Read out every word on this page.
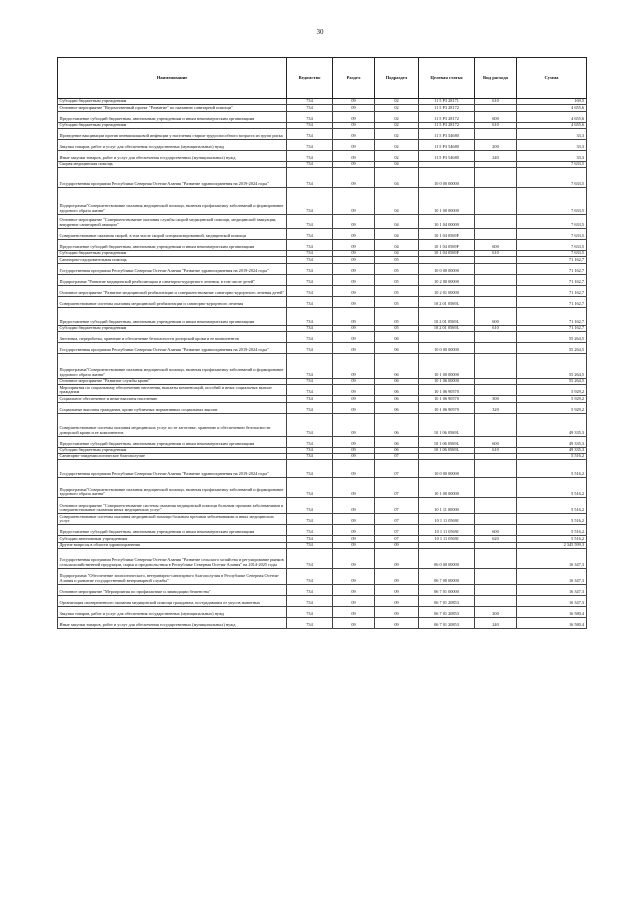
30
Наименование	Ведомство	Раздел	Подраздел	Целевая статья	Вид расхода	Сумма
Субсидии бюджетным учреждениям	734	09	02	11 5 P3 28171	610	169,5
Основное мероприятие "Ведомственный проект "Развитие" по оказанию санитарной помощи"	734	09	02	11 5 P3 28172		4 655,6
Предоставление субсидий бюджетным, автономным учреждениям и иным некоммерческим организациям	734	09	02	11 5 P3 28172	600	4 655,6
Субсидии бюджетным учреждениям	734	09	02	11 5 P3 28172	610	4 655,6
Проведение вакцинации против пневмококковой инфекции у населения старше трудоспособного возраста из групп риска	734	09	02	11 5 P3 54680		33,3
Закупка товаров, работ и услуг для обеспечения государственных (муниципальных) нужд	734	09	02	11 5 P3 54680	200	33,3
Иные закупки товаров, работ и услуг для обеспечения государственных (муниципальных) нужд	734	09	02	11 5 P3 54680	240	33,3
Скорая медицинская помощь	734	09	04			7 633,5
Государственная программа Республики Северная Осетия-Алания "Развитие здравоохранения на 2019-2024 годы"	734	09	04	10 0 00 00000		7 633,5
Подпрограмма"Совершенствование оказания медицинской помощи, включая профилактику заболеваний и формирование здорового образа жизни"	734	09	04	10 1 00 00000		7 633,5
Основное мероприятие "Совершенствование оказания службы скорой медицинской помощи, медицинской эвакуации, внедрение санитарной авиации"	734	09	04	10 1 04 00000		7 633,5
Совершенствование оказания скорой, в том числе скорой специализированной, медицинской помощи	734	09	04	10 1 04 0569F		7 633,5
Предоставление субсидий бюджетным, автономным учреждениям и иным некоммерческим организациям	734	09	04	10 1 04 0569F	600	7 633,5
Субсидии бюджетным учреждениям	734	09	04	10 1 04 0569F	610	7 633,5
Санаторно-оздоровительная помощь	734	09	05			71 162,7
Государственная программа Республики Северная Осетия-Алания "Развитие здравоохранения на 2019-2024 годы"	734	09	05	10 0 00 00000		71 162,7
Подпрограмма "Развитие медицинской реабилитации и санаторно-курортного лечения, в том числе детей"	734	09	05	10 2 00 00000		71 162,7
Основное мероприятие "Развитие медицинской реабилитации и совершенствование санаторно-курортного лечения детей"	734	09	05	10 2 01 00000		71 162,7
Совершенствование системы оказания медицинской реабилитации и санаторно-курортного лечения	734	09	05	10 2 01 0569L		71 162,7
Предоставление субсидий бюджетным, автономным учреждениям и иным некоммерческим организациям	734	09	05	10 2 01 0569L	600	71 162,7
Субсидии бюджетным учреждениям	734	09	05	10 2 01 0569L	610	71 162,7
Заготовка, переработка, хранение и обеспечение безопасности донорской крови и ее компонентов	734	09	06			55 264,5
Государственная программа Республики Северная Осетия-Алания "Развитие здравоохранения на 2019-2024 годы"	734	09	06	10 0 00 00000		55 264,5
Подпрограмма"Совершенствование оказания медицинской помощи, включая профилактику заболеваний и формирование здорового образа жизни"	734	09	06	10 1 00 00000		55 264,5
Основное мероприятие "Развитие службы крови"	734	09	06	10 1 06 00000		55 264,5
Мероприятия по социальному обеспечению населения, выплаты компенсаций, пособий и иных социальных выплат гражданам	734	09	06	10 1 06 90570		5 929,2
Социальное обеспечение и иные выплаты населению	734	09	06	10 1 06 90570	300	5 929,2
Социальные выплаты гражданам, кроме публичных нормативных социальных выплат	734	09	06	10 1 06 90570	320	5 929,2
Совершенствование системы оказания медицинских услуг по ее заготовке, хранению и обеспечению безопасности донорской крови и ее компонентов	734	09	06	10 1 06 0569L		49 335,3
Предоставление субсидий бюджетным, автономным учреждениям и иным некоммерческим организациям	734	09	06	10 1 06 0569L	600	49 335,3
Субсидии бюджетным учреждениям	734	09	06	10 1 06 0569L	610	49 335,3
Санитарно-эпидемиологическое благополучие	734	09	07			5 516,2
Государственная программа Республики Северная Осетия-Алания "Развитие здравоохранения на 2019-2024 годы"	734	09	07	10 0 00 00000		5 516,2
Подпрограмма"Совершенствование оказания медицинской помощи, включая профилактику заболеваний и формирование здорового образа жизни"	734	09	07	10 1 00 00000		5 516,2
Основное мероприятие "Совершенствование системы оказания медицинской помощи больным прочими заболеваниями и совершенствование оказания иных медицинских услуг"	734	09	07	10 1 11 00000		5 516,2
Совершенствование системы оказания медицинской помощи больным прочими заболеваниями и иных медицинских услуг	734	09	07	10 1 11 0569J		5 516,2
Предоставление субсидий бюджетным, автономным учреждениям и иным некоммерческим организациям	734	09	07	10 1 11 0569J	600	5 516,2
Субсидии автономным учреждениям	734	09	07	10 1 11 0569J	620	5 516,2
Другие вопросы в области здравоохранения	734	09	09			2 345 599,3
Государственная программа Республики Северная Осетия-Алания "Развитие сельского хозяйства и регулирование рынков сельскохозяйственной продукции, сырья и продовольствия в Республике Северная Осетия-Алания" на 2014-2025 годы	734	09	09	06 0 00 00000		16 347,3
Подпрограмма "Обеспечение эпизоотического, ветеринарно-санитарного благополучия в Республике Северная Осетия-Алания и развитие государственной ветеринарной службы"	734	09	09	06 7 00 00000		16 347,3
Основное мероприятие "Мероприятия по профилактике и ликвидации бешенства"	734	09	09	06 7 01 00000		16 347,3
Организация своевременного оказания медицинской помощи гражданам, пострадавшим от укусов животных	734	09	09	06 7 01 20853		16 347,3
Закупка товаров, работ и услуг для обеспечения государственных (муниципальных) нужд	734	09	09	06 7 01 20853	200	16 580,4
Иные закупки товаров, работ и услуг для обеспечения государственных (муниципальных) нужд	734	09	09	06 7 01 20853	240	16 580,4
